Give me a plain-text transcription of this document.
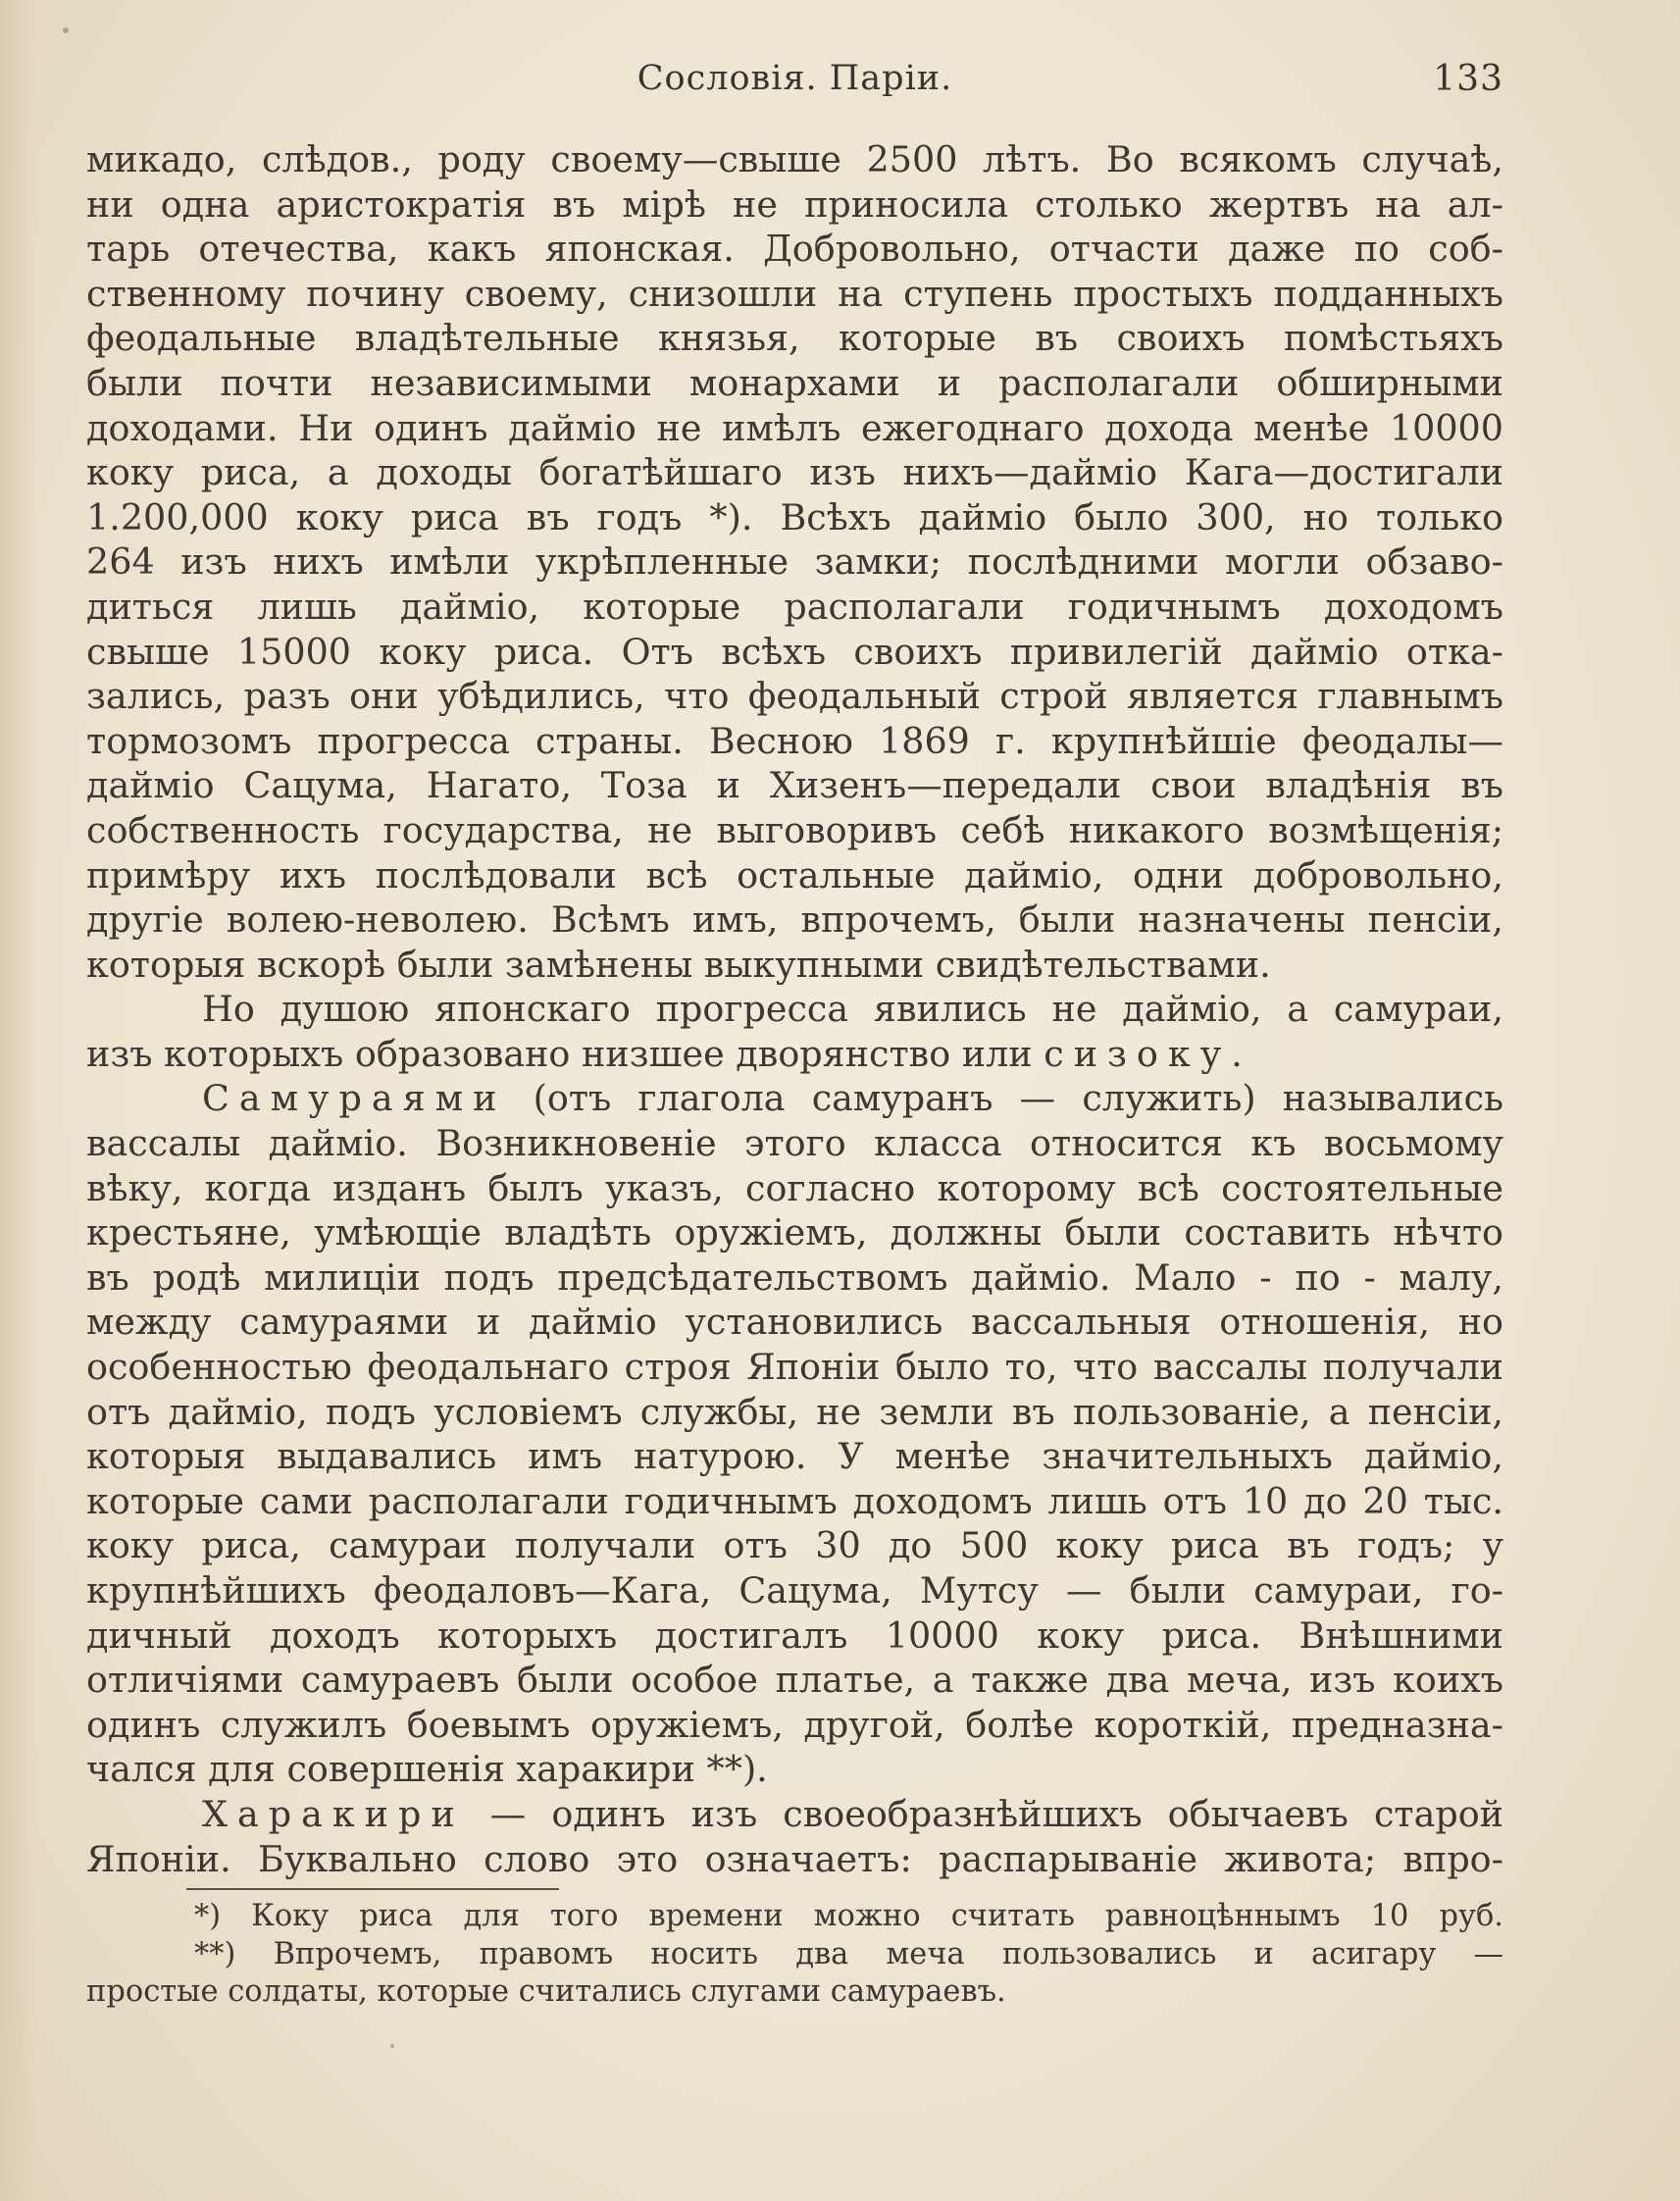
Сословія. Паріи.	133
микадо, слѣдов., роду своему—свыше 2500 лѣтъ. Во всякомъ случаѣ,
ни одна аристократія въ мірѣ не приносила столько жертвъ на ал-
тарь отечества, какъ японская. Добровольно, отчасти даже по соб-
ственному почину своему, снизошли на ступень простыхъ подданныхъ
феодальные владѣтельные князья, которые въ своихъ помѣстьяхъ
были почти независимыми монархами и располагали обширными
доходами. Ни одинъ даймiо не имѣлъ ежегоднаго дохода менѣе 10000
коку риса, а доходы богатѣйшаго изъ нихъ—даймiо Кага—достигали
1.200,000 коку риса въ годъ *). Всѣхъ даймiо было 300, но только
264 изъ нихъ имѣли укрѣпленные замки; послѣдними могли обзаво-
диться лишь даймiо, которые располагали годичнымъ доходомъ
свыше 15000 коку риса. Отъ всѣхъ своихъ привилегій даймiо отка-
зались, разъ они убѣдились, что феодальный строй является главнымъ
тормозомъ прогресса страны. Весною 1869 г. крупнѣйшіе феодалы—
даймiо Сацума, Нагато, Тоза и Хизенъ—передали свои владѣнія въ
собственность государства, не выговоривъ себѣ никакого возмѣщенія;
примѣру ихъ послѣдовали всѣ остальные даймiо, одни добровольно,
другіе волею-неволею. Всѣмъ имъ, впрочемъ, были назначены пенсіи,
которыя вскорѣ были замѣнены выкупными свидѣтельствами.
Но душою японскаго прогресса явились не даймiо, а самураи,
изъ которыхъ образовано низшее дворянство или сизоку.
Самураями (отъ глагола самуранъ — служить) назывались
вассалы даймiо. Возникновеніе этого класса относится къ восьмому
вѣку, когда изданъ былъ указъ, согласно которому всѣ состоятельные
крестьяне, умѣющіе владѣть оружіемъ, должны были составить нѣчто
въ родѣ милиціи подъ предсѣдательствомъ даймiо. Мало - по - малу,
между самураями и даймiо установились вассальныя отношенія, но
особенностью феодальнаго строя Японіи было то, что вассалы получали
отъ даймiо, подъ условіемъ службы, не земли въ пользованіе, а пенсіи,
которыя выдавались имъ натурою. У менѣе значительныхъ даймiо,
которые сами располагали годичнымъ доходомъ лишь отъ 10 до 20 тыс.
коку риса, самураи получали отъ 30 до 500 коку риса въ годъ; у
крупнѣйшихъ феодаловъ—Кага, Сацума, Мутсу — были самураи, го-
дичный доходъ которыхъ достигалъ 10000 коку риса. Внѣшними
отличіями самураевъ были особое платье, а также два меча, изъ коихъ
одинъ служилъ боевымъ оружіемъ, другой, болѣе короткій, предназна-
чался для совершенія харакири **).
Харакири — одинъ изъ своеобразнѣйшихъ обычаевъ старой
Японіи. Буквально слово это означаетъ: распарываніе живота; впро-
*) Коку риса для того времени можно считать равноцѣннымъ 10 руб.
**) Впрочемъ, правомъ носить два меча пользовались и асигару —
простые солдаты, которые считались слугами самураевъ.
